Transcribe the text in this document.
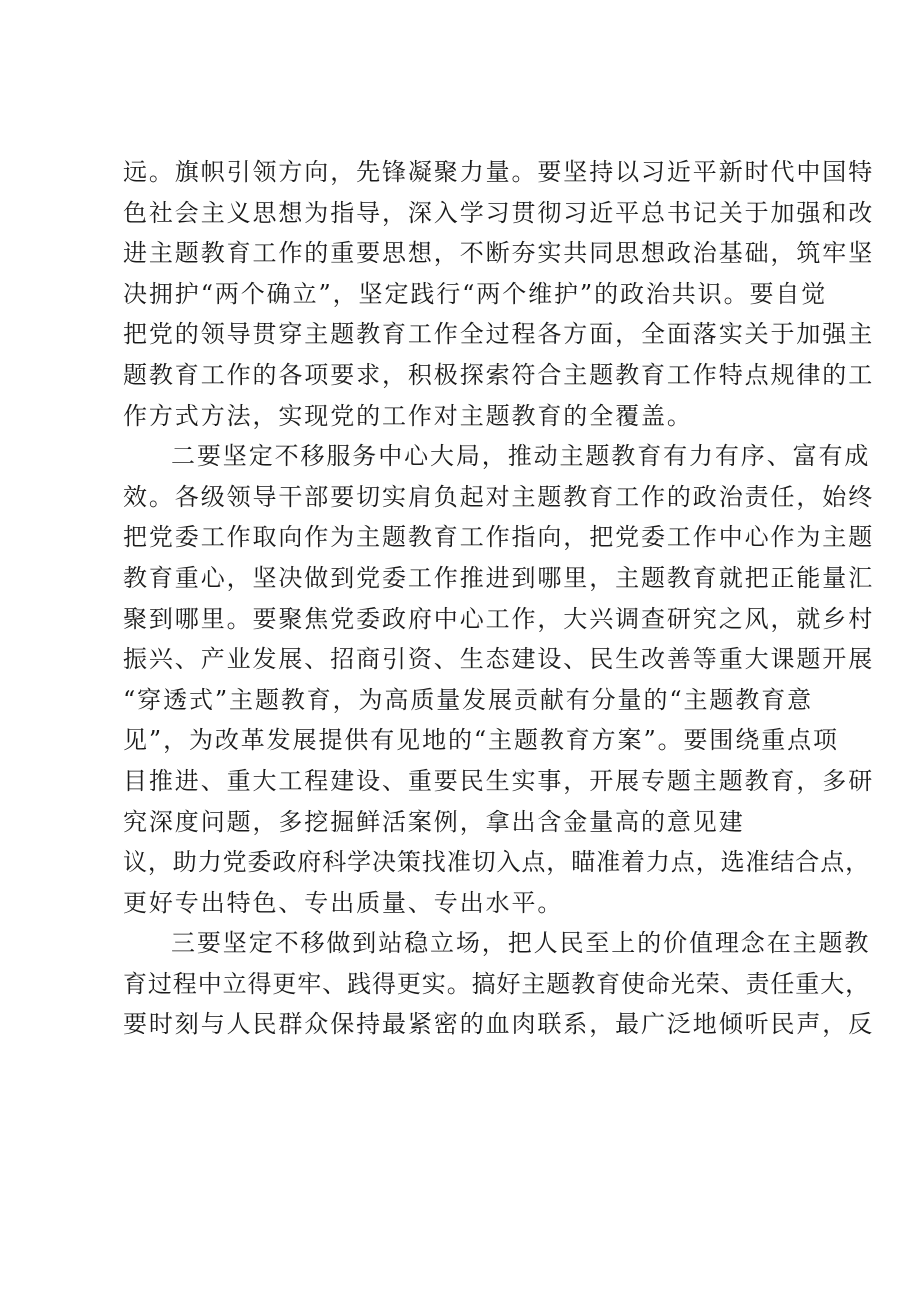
远。旗帜引领方向，先锋凝聚力量。要坚持以习近平新时代中国特
色社会主义思想为指导，深入学习贯彻习近平总书记关于加强和改
进主题教育工作的重要思想，不断夯实共同思想政治基础，筑牢坚
决拥护“两个确立”，坚定践行“两个维护”的政治共识。要自觉
把党的领导贯穿主题教育工作全过程各方面，全面落实关于加强主
题教育工作的各项要求，积极探索符合主题教育工作特点规律的工
作方式方法，实现党的工作对主题教育的全覆盖。
二要坚定不移服务中心大局，推动主题教育有力有序、富有成
效。各级领导干部要切实肩负起对主题教育工作的政治责任，始终
把党委工作取向作为主题教育工作指向，把党委工作中心作为主题
教育重心，坚决做到党委工作推进到哪里，主题教育就把正能量汇
聚到哪里。要聚焦党委政府中心工作，大兴调查研究之风，就乡村
振兴、产业发展、招商引资、生态建设、民生改善等重大课题开展
“穿透式”主题教育，为高质量发展贡献有分量的“主题教育意
见”，为改革发展提供有见地的“主题教育方案”。要围绕重点项
目推进、重大工程建设、重要民生实事，开展专题主题教育，多研
究深度问题，多挖掘鲜活案例，拿出含金量高的意见建
议，助力党委政府科学决策找准切入点，瞄准着力点，选准结合点，
更好专出特色、专出质量、专出水平。
三要坚定不移做到站稳立场，把人民至上的价值理念在主题教
育过程中立得更牢、践得更实。搞好主题教育使命光荣、责任重大，
要时刻与人民群众保持最紧密的血肉联系，最广泛地倾听民声，反
